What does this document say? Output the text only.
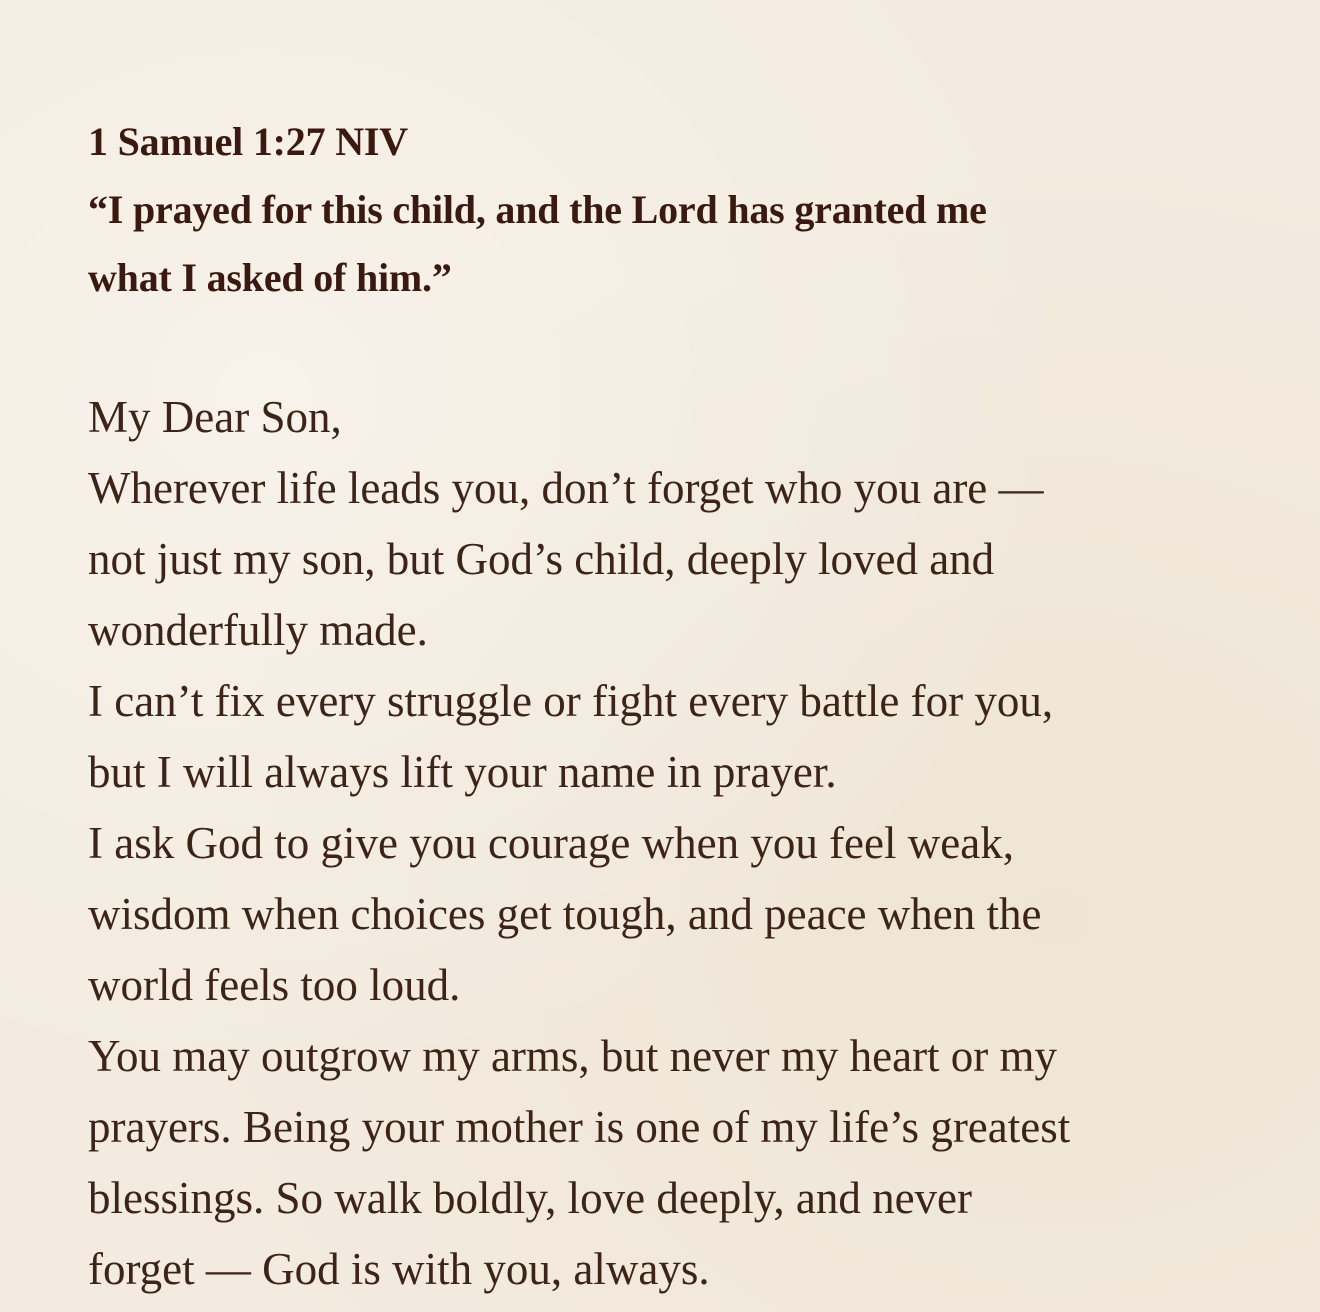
1 Samuel 1:27 NIV
“I prayed for this child, and the Lord has granted me
what I asked of him.”
My Dear Son,
Wherever life leads you, don’t forget who you are —
not just my son, but God’s child, deeply loved and
wonderfully made.
I can’t fix every struggle or fight every battle for you,
but I will always lift your name in prayer.
I ask God to give you courage when you feel weak,
wisdom when choices get tough, and peace when the
world feels too loud.
You may outgrow my arms, but never my heart or my
prayers. Being your mother is one of my life’s greatest
blessings. So walk boldly, love deeply, and never
forget — God is with you, always.
